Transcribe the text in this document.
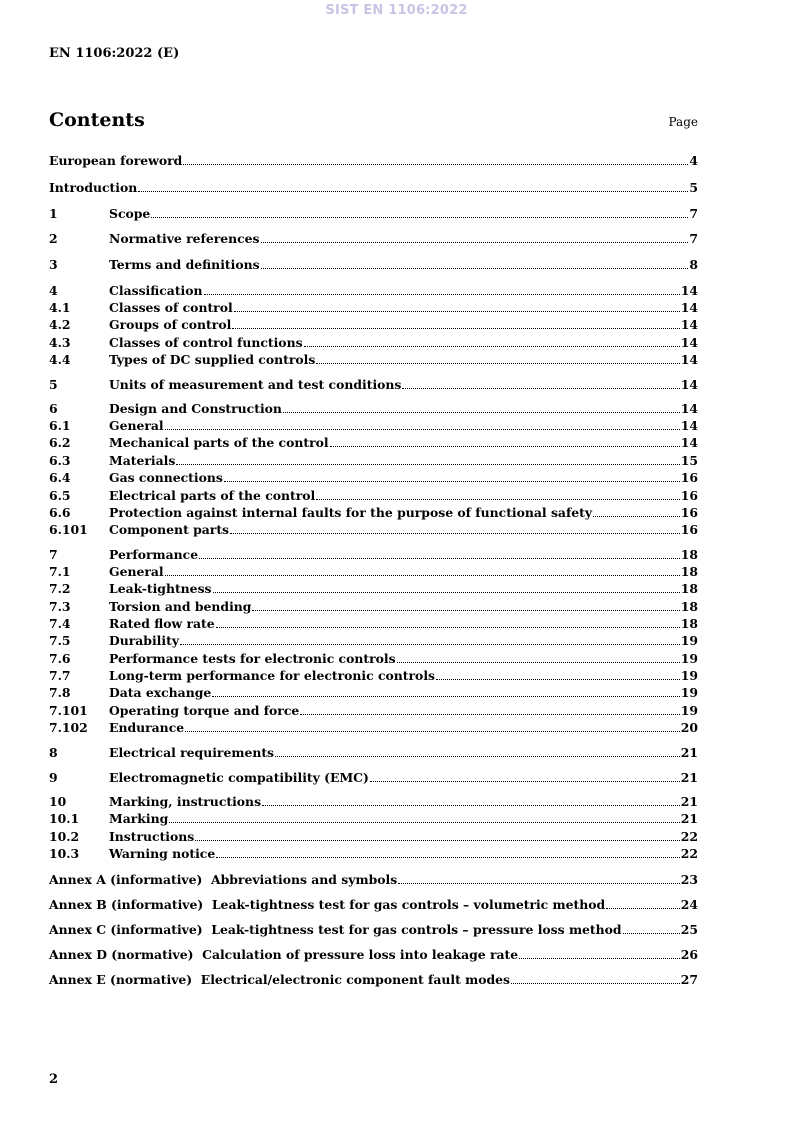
SIST EN 1106:2022
EN 1106:2022 (E)
Contents	Page
European foreword	4
Introduction	5
1	Scope	7
2	Normative references	7
3	Terms and definitions	8
4	Classification	14
4.1	Classes of control	14
4.2	Groups of control	14
4.3	Classes of control functions	14
4.4	Types of DC supplied controls	14
5	Units of measurement and test conditions	14
6	Design and Construction	14
6.1	General	14
6.2	Mechanical parts of the control	14
6.3	Materials	15
6.4	Gas connections	16
6.5	Electrical parts of the control	16
6.6	Protection against internal faults for the purpose of functional safety	16
6.101	Component parts	16
7	Performance	18
7.1	General	18
7.2	Leak-tightness	18
7.3	Torsion and bending	18
7.4	Rated flow rate	18
7.5	Durability	19
7.6	Performance tests for electronic controls	19
7.7	Long-term performance for electronic controls	19
7.8	Data exchange	19
7.101	Operating torque and force	19
7.102	Endurance	20
8	Electrical requirements	21
9	Electromagnetic compatibility (EMC)	21
10	Marking, instructions	21
10.1	Marking	21
10.2	Instructions	22
10.3	Warning notice	22
Annex A (informative)  Abbreviations and symbols	23
Annex B (informative)  Leak-tightness test for gas controls – volumetric method	24
Annex C (informative)  Leak-tightness test for gas controls – pressure loss method	25
Annex D (normative)  Calculation of pressure loss into leakage rate	26
Annex E (normative)  Electrical/electronic component fault modes	27
2
